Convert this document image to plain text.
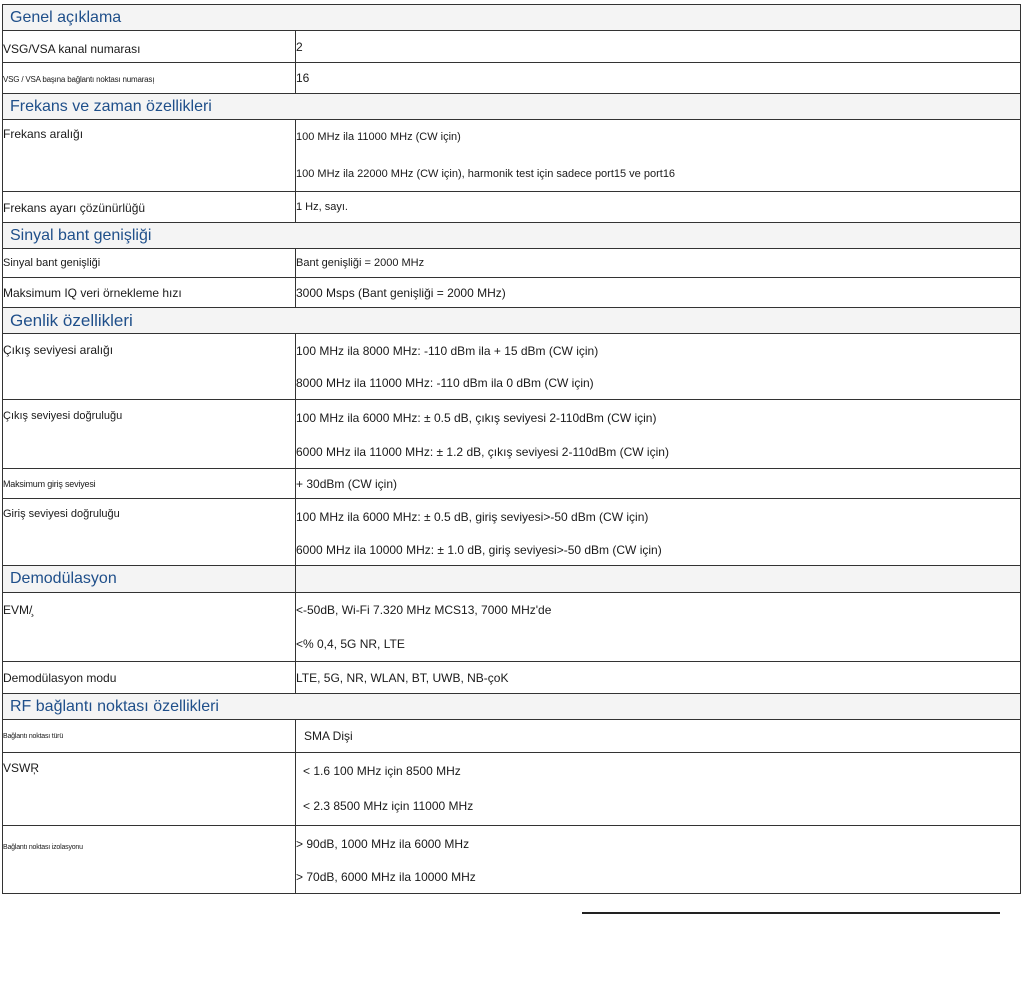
Genel açıklama	

VSG/VSA kanal numarası	2

VSG / VSA başına bağlantı noktası numarası̦	16
Frekans ve zaman özellikleri	

Frekans aralığı	100 MHz ila 11000 MHz (CW için)
100 MHz ila 22000 MHz (CW için), harmonik test için sadece port15 ve port16

Frekans ayarı çözünürlüğü	1 Hz, sayı.
Sinyal bant genişliği	

Sinyal bant genişliği	Bant genişliği = 2000 MHz

Maksimum IQ veri örnekleme hızı	3000 Msps (Bant genişliği = 2000 MHz)
Genlik özellikleri	

Çıkış seviyesi aralığı	100 MHz ila 8000 MHz: -110 dBm ila + 15 dBm (CW için)
8000 MHz ila 11000 MHz: -110 dBm ila 0 dBm (CW için)

Çıkış seviyesi doğruluğu	100 MHz ila 6000 MHz: ± 0.5 dB, çıkış seviyesi 2-110dBm (CW için)
6000 MHz ila 11000 MHz: ± 1.2 dB, çıkış seviyesi 2-110dBm (CW için)

Maksimum giriş seviyesi	+ 30dBm (CW için)

Giriş seviyesi doğruluğu	100 MHz ila 6000 MHz: ± 0.5 dB, giriş seviyesi>-50 dBm (CW için)
6000 MHz ila 10000 MHz: ± 1.0 dB, giriş seviyesi>-50 dBm (CW için)

Demodülasyon	

EVM/̧	<-50dB, Wi-Fi 7.320 MHz MCS13, 7000 MHz'de
<% 0,4, 5G NR, LTE

Demodülasyon modu	LTE, 5G, NR, WLAN, BT, UWB, NB-çoK
RF bağlantı noktası özellikleri	

Bağlantı noktası türü	SMA Dişi

VSWR̦	< 1.6 100 MHz için 8500 MHz
< 2.3 8500 MHz için 11000 MHz

Bağlantı noktası izolasyonu	> 90dB, 1000 MHz ila 6000 MHz
> 70dB, 6000 MHz ila 10000 MHz
